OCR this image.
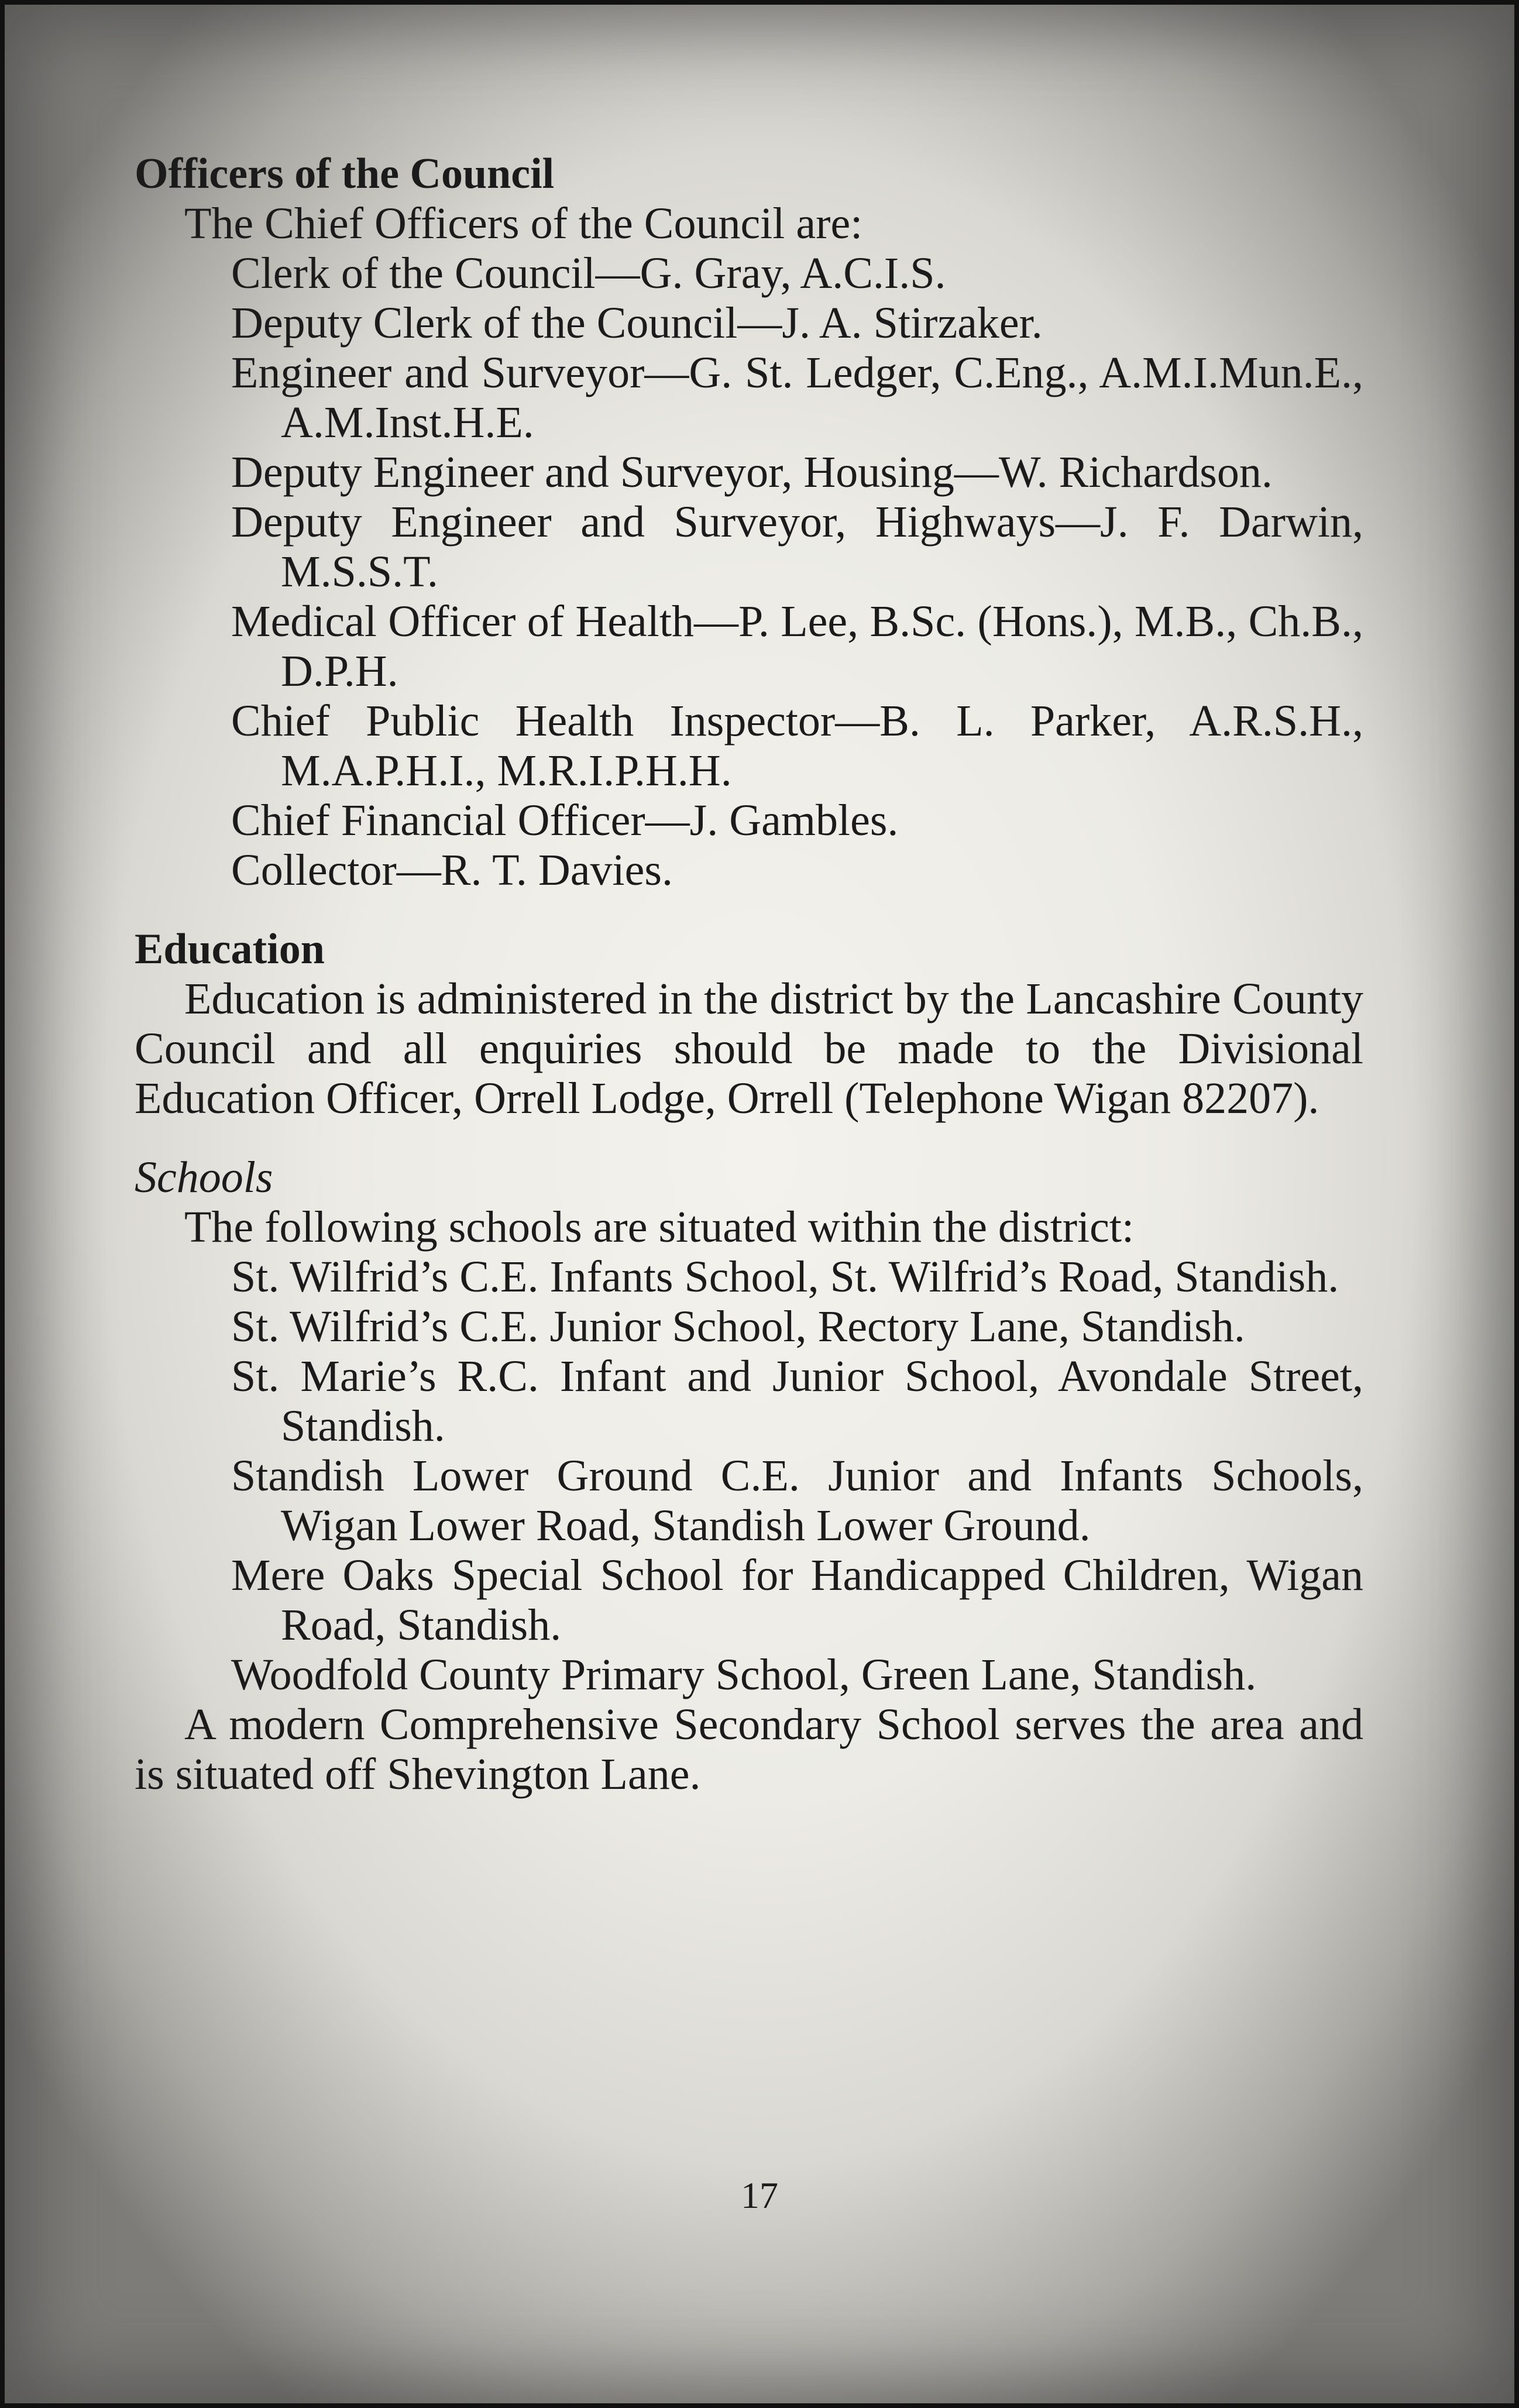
Officers of the Council

The Chief Officers of the Council are:

Clerk of the Council—G. Gray, A.C.I.S.
Deputy Clerk of the Council—J. A. Stirzaker.
Engineer and Surveyor—G. St. Ledger, C.Eng., A.M.I.Mun.E., A.M.Inst.H.E.
Deputy Engineer and Surveyor, Housing—W. Richardson.
Deputy Engineer and Surveyor, Highways—J. F. Darwin, M.S.S.T.
Medical Officer of Health—P. Lee, B.Sc. (Hons.), M.B., Ch.B., D.P.H.
Chief Public Health Inspector—B. L. Parker, A.R.S.H., M.A.P.H.I., M.R.I.P.H.H.
Chief Financial Officer—J. Gambles.
Collector—R. T. Davies.
Education

Education is administered in the district by the Lancashire County Council and all enquiries should be made to the Divisional Education Officer, Orrell Lodge, Orrell (Telephone Wigan 82207).

Schools

The following schools are situated within the district:

St. Wilfrid’s C.E. Infants School, St. Wilfrid’s Road, Standish.
St. Wilfrid’s C.E. Junior School, Rectory Lane, Standish.
St. Marie’s R.C. Infant and Junior School, Avondale Street, Standish.
Standish Lower Ground C.E. Junior and Infants Schools, Wigan Lower Road, Standish Lower Ground.
Mere Oaks Special School for Handicapped Children, Wigan Road, Standish.
Woodfold County Primary School, Green Lane, Standish.

A modern Comprehensive Secondary School serves the area and is situated off Shevington Lane.

17
